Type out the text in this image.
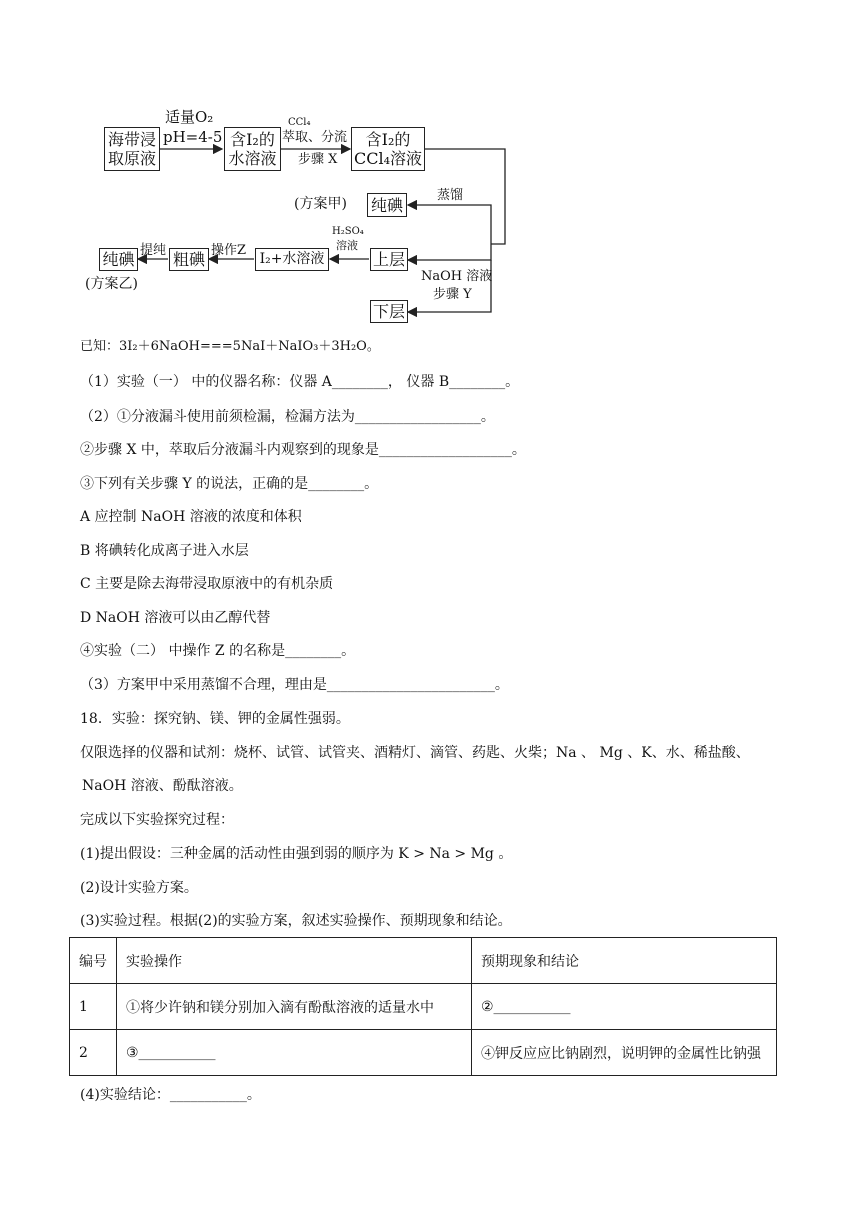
海带浸
取原液
含I₂的
水溶液
含I₂的
CCl₄溶液
纯碘
上层
下层
I₂+水溶液
粗碘
纯碘
适量O₂
pH=4-5
CCl₄
萃取、分流
步骤 X
(方案甲)
蒸馏
H₂SO₄
溶液
NaOH 溶液
步骤 Y
操作Z
提纯
(方案乙)
已知：3I₂＋6NaOH===5NaI＋NaIO₃＋3H₂O。
（1）实验（一） 中的仪器名称：仪器 A________， 仪器 B________。
（2）①分液漏斗使用前须检漏，检漏方法为__________________。
②步骤 X 中，萃取后分液漏斗内观察到的现象是___________________。
③下列有关步骤 Y 的说法，正确的是________。
A 应控制 NaOH 溶液的浓度和体积
B 将碘转化成离子进入水层
C 主要是除去海带浸取原液中的有机杂质
D NaOH 溶液可以由乙醇代替
④实验（二） 中操作 Z 的名称是________。
（3）方案甲中采用蒸馏不合理，理由是________________________。
18．实验：探究钠、镁、钾的金属性强弱。
仅限选择的仪器和试剂：烧杯、试管、试管夹、酒精灯、滴管、药匙、火柴；Na 、 Mg 、K、水、稀盐酸、
NaOH 溶液、酚酞溶液。
完成以下实验探究过程：
(1)提出假设：三种金属的活动性由强到弱的顺序为 K > Na > Mg 。
(2)设计实验方案。
(3)实验过程。根据(2)的实验方案，叙述实验操作、预期现象和结论。
编号	实验操作	预期现象和结论
1	①将少许钠和镁分别加入滴有酚酞溶液的适量水中	②___________
2	③___________	④钾反应应比钠剧烈，说明钾的金属性比钠强
(4)实验结论：___________。
